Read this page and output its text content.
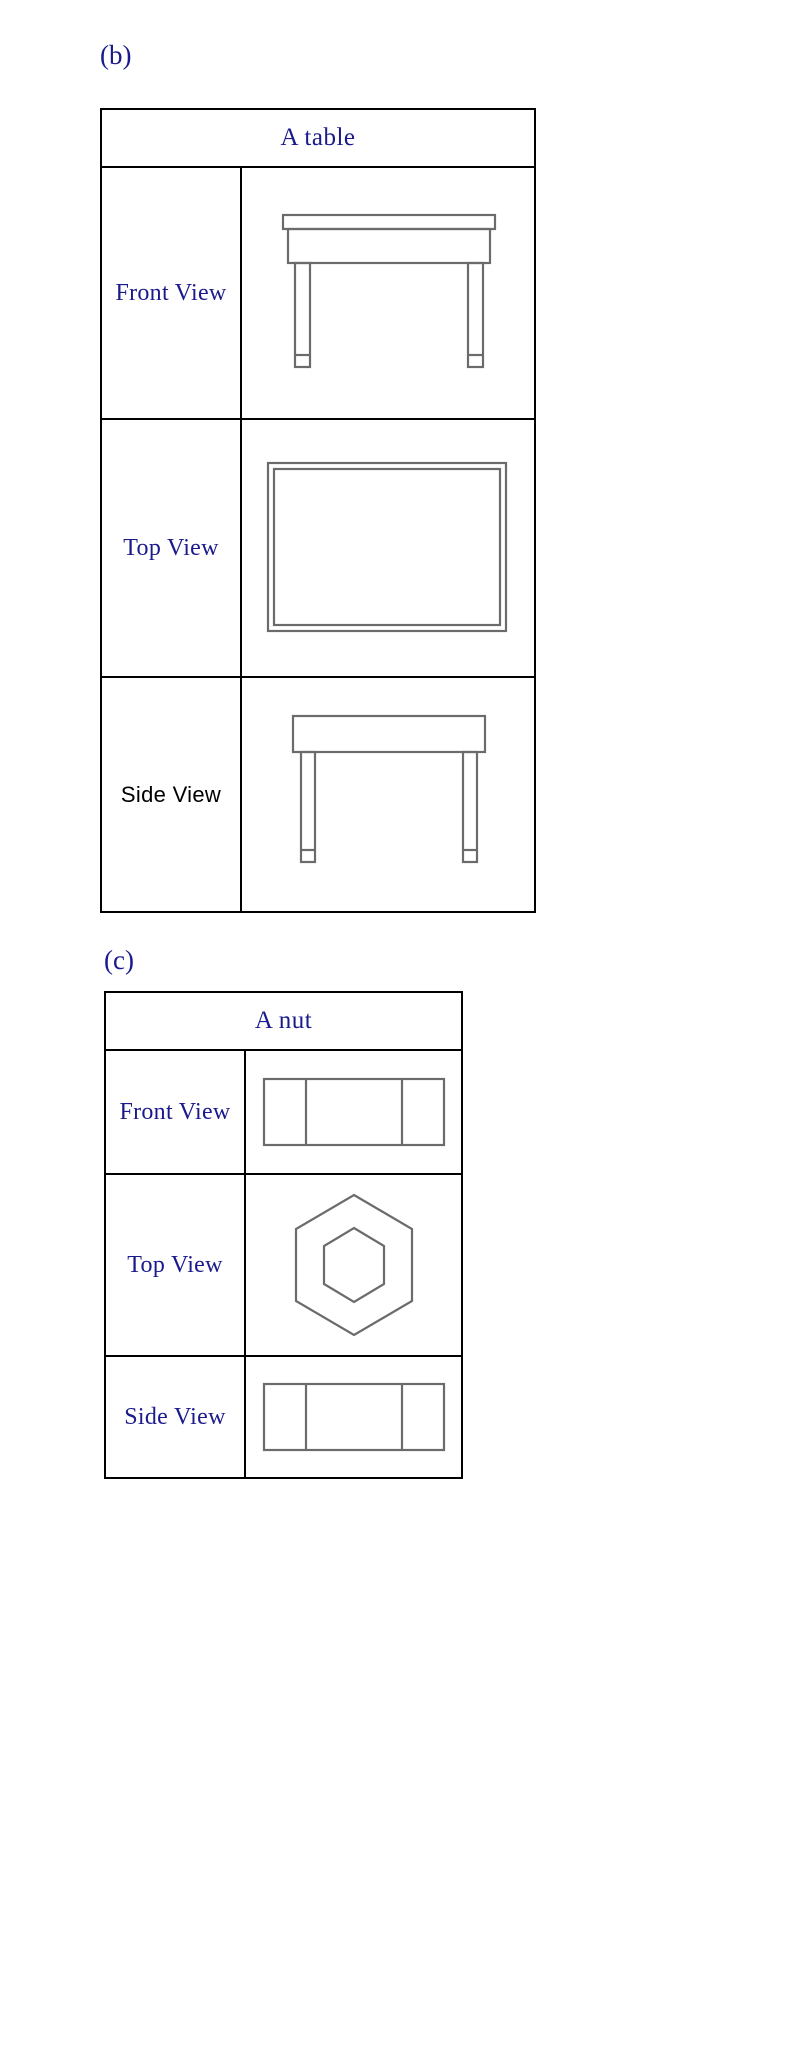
(b)
A table	
Front View	

Top View	

Side View	
(c)
A nut	
Front View	

Top View	

Side View	
